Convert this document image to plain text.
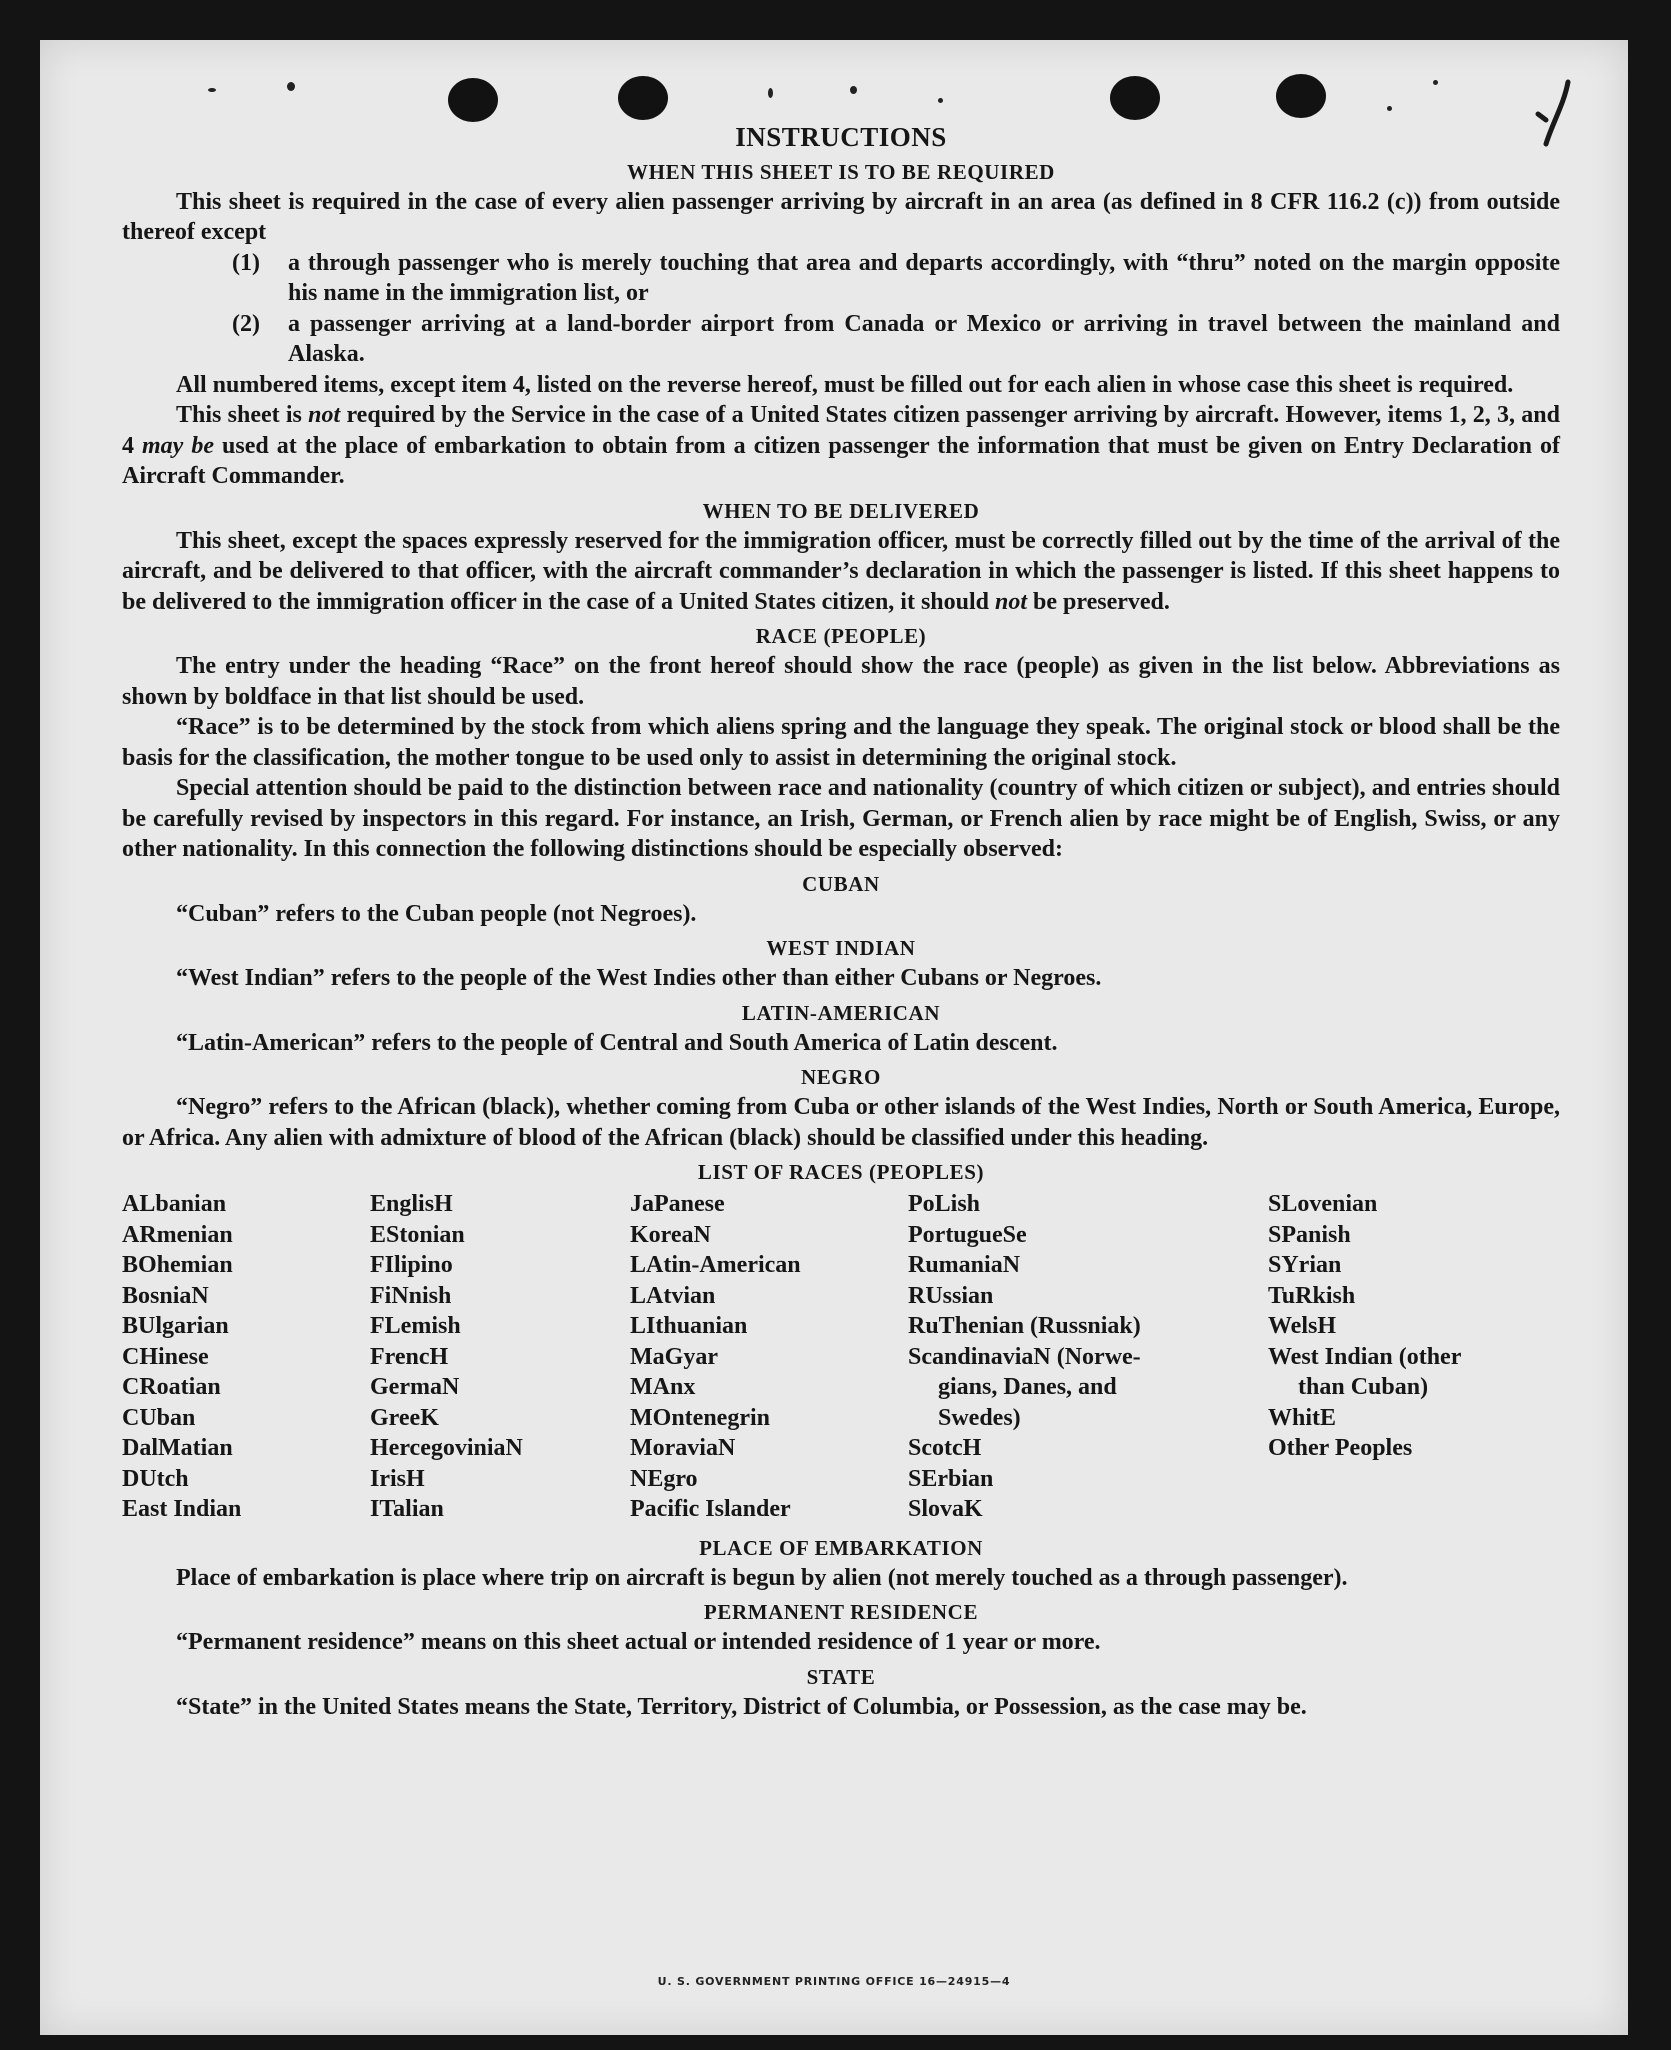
INSTRUCTIONS
WHEN THIS SHEET IS TO BE REQUIRED

This sheet is required in the case of every alien passenger arriving by aircraft in an area (as defined in 8 CFR 116.2 (c)) from outside thereof except

(1)	a through passenger who is merely touching that area and departs accordingly, with “thru” noted on the margin opposite his name in the immigration list, or
(2)	a passenger arriving at a land-border airport from Canada or Mexico or arriving in travel between the mainland and Alaska.

All numbered items, except item 4, listed on the reverse hereof, must be filled out for each alien in whose case this sheet is required.

This sheet is not required by the Service in the case of a United States citizen passenger arriving by aircraft. However, items 1, 2, 3, and 4 may be used at the place of embarkation to obtain from a citizen passenger the information that must be given on Entry Declaration of Aircraft Commander.

WHEN TO BE DELIVERED

This sheet, except the spaces expressly reserved for the immigration officer, must be correctly filled out by the time of the arrival of the aircraft, and be delivered to that officer, with the aircraft commander’s declaration in which the passenger is listed. If this sheet happens to be delivered to the immigration officer in the case of a United States citizen, it should not be preserved.

RACE (PEOPLE)

The entry under the heading “Race” on the front hereof should show the race (people) as given in the list below. Abbreviations as shown by boldface in that list should be used.

“Race” is to be determined by the stock from which aliens spring and the language they speak. The original stock or blood shall be the basis for the classification, the mother tongue to be used only to assist in determining the original stock.

Special attention should be paid to the distinction between race and nationality (country of which citizen or subject), and entries should be carefully revised by inspectors in this regard. For instance, an Irish, German, or French alien by race might be of English, Swiss, or any other nationality. In this connection the following distinctions should be especially observed:

CUBAN

“Cuban” refers to the Cuban people (not Negroes).

WEST INDIAN

“West Indian” refers to the people of the West Indies other than either Cubans or Negroes.

LATIN-AMERICAN

“Latin-American” refers to the people of Central and South America of Latin descent.

NEGRO

“Negro” refers to the African (black), whether coming from Cuba or other islands of the West Indies, North or South America, Europe, or Africa. Any alien with admixture of blood of the African (black) should be classified under this heading.

LIST OF RACES (PEOPLES)
ALbanian
ARmenian
BOhemian
BosniaN
BUlgarian
CHinese
CRoatian
CUban
DalMatian
DUtch
East Indian
EnglisH
EStonian
FIlipino
FiNnish
FLemish
FrencH
GermaN
GreeK
HercegoviniaN
IrisH
ITalian
JaPanese
KoreaN
LAtin-American
LAtvian
LIthuanian
MaGyar
MAnx
MOntenegrin
MoraviaN
NEgro
Pacific Islander
PoLish
PortugueSe
RumaniaN
RUssian
RuThenian (Russniak)
ScandinaviaN (Norwe-
gians, Danes, and
Swedes)
ScotcH
SErbian
SlovaK
SLovenian
SPanish
SYrian
TuRkish
WelsH
West Indian (other
than Cuban)
WhitE
Other Peoples
PLACE OF EMBARKATION

Place of embarkation is place where trip on aircraft is begun by alien (not merely touched as a through passenger).

PERMANENT RESIDENCE

“Permanent residence” means on this sheet actual or intended residence of 1 year or more.

STATE

“State” in the United States means the State, Territory, District of Columbia, or Possession, as the case may be.

U. S. GOVERNMENT PRINTING OFFICE 16—24915—4
